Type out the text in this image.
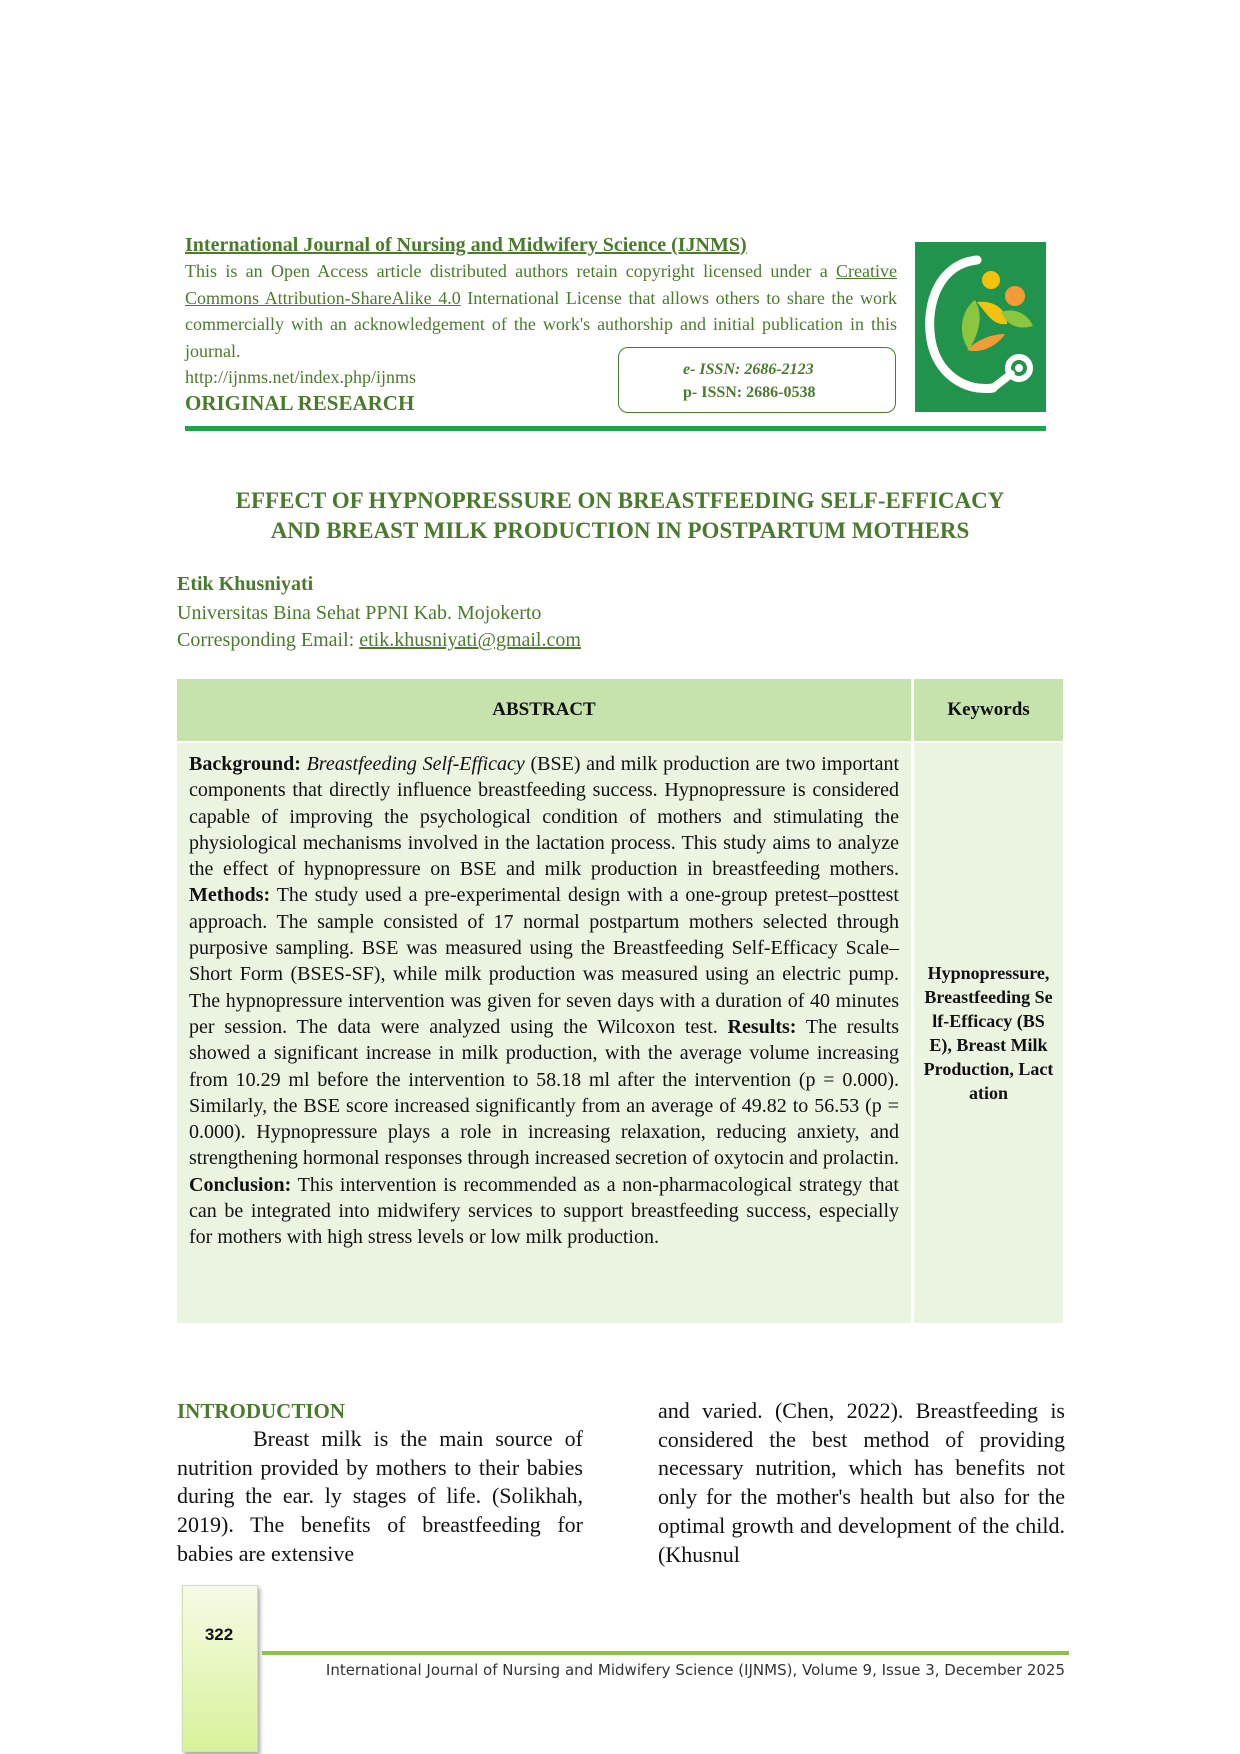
International Journal of Nursing and Midwifery Science (IJNMS)
This is an Open Access article distributed authors retain copyright licensed under a Creative Commons Attribution-ShareAlike 4.0 International License that allows others to share the work commercially with an acknowledgement of the work's authorship and initial publication in this journal.
http://ijnms.net/index.php/ijnms
ORIGINAL RESEARCH
e- ISSN: 2686-2123
p- ISSN: 2686-0538
EFFECT OF HYPNOPRESSURE ON BREASTFEEDING SELF-EFFICACY
AND BREAST MILK PRODUCTION IN POSTPARTUM MOTHERS
Etik Khusniyati
Universitas Bina Sehat PPNI Kab. Mojokerto
Corresponding Email: etik.khusniyati@gmail.com
ABSTRACT	Keywords
Background: Breastfeeding Self-Efficacy (BSE) and milk production are two important components that directly influence breastfeeding success. Hypnopressure is considered capable of improving the psychological condition of mothers and stimulating the physiological mechanisms involved in the lactation process. This study aims to analyze the effect of hypnopressure on BSE and milk production in breastfeeding mothers. Methods: The study used a pre-experimental design with a one-group pretest–posttest approach. The sample consisted of 17 normal postpartum mothers selected through purposive sampling. BSE was measured using the Breastfeeding Self-Efficacy Scale–Short Form (BSES-SF), while milk production was measured using an electric pump. The hypnopressure intervention was given for seven days with a duration of 40 minutes per session. The data were analyzed using the Wilcoxon test. Results: The results showed a significant increase in milk production, with the average volume increasing from 10.29 ml before the intervention to 58.18 ml after the intervention (p = 0.000). Similarly, the BSE score increased significantly from an average of 49.82 to 56.53 (p = 0.000). Hypnopressure plays a role in increasing relaxation, reducing anxiety, and strengthening hormonal responses through increased secretion of oxytocin and prolactin. Conclusion: This intervention is recommended as a non-pharmacological strategy that can be integrated into midwifery services to support breastfeeding success, especially for mothers with high stress levels or low milk production.
Hypnopressure, Breastfeeding Self-Efficacy (BSE), Breast Milk Production, Lactation
INTRODUCTION
Breast milk is the main source of nutrition provided by mothers to their babies during the ear. ly stages of life. (Solikhah, 2019). The benefits of breastfeeding for babies are extensive
and varied. (Chen, 2022). Breastfeeding is considered the best method of providing necessary nutrition, which has benefits not only for the mother's health but also for the optimal growth and development of the child. (Khusnul
322
International Journal of Nursing and Midwifery Science (IJNMS), Volume 9, Issue 3, December 2025
